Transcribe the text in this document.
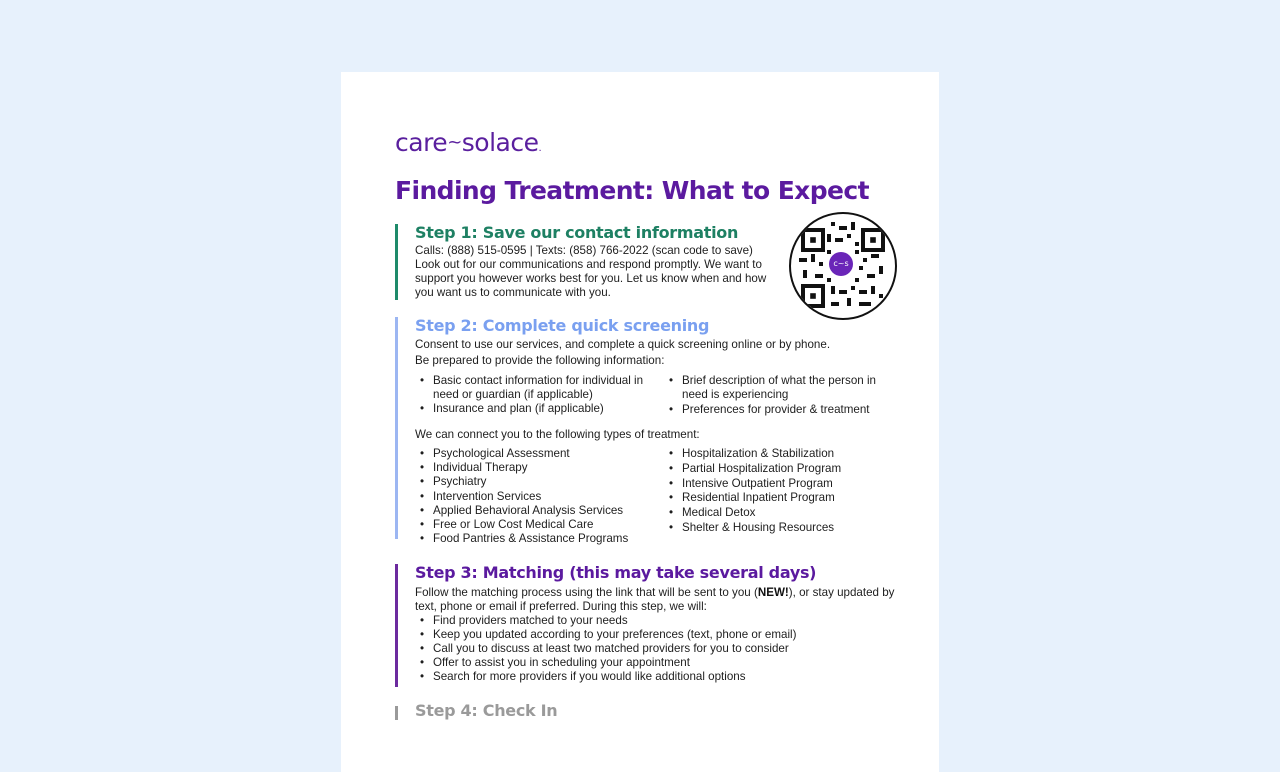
care~solace.
Finding Treatment: What to Expect
Step 1: Save our contact information

Calls: (888) 515-0595 | Texts: (858) 766-2022 (scan code to save)

Look out for our communications and respond promptly. We want to support you however works best for you. Let us know when and how you want us to communicate with you.

c~s
Step 2: Complete quick screening

Consent to use our services, and complete a quick screening online or by phone.

Be prepared to provide the following information:

• Basic contact information for individual in need or guardian (if applicable)
• Insurance and plan (if applicable)
• Brief description of what the person in need is experiencing
• Preferences for provider & treatment

We can connect you to the following types of treatment:

• Psychological Assessment
• Individual Therapy
• Psychiatry
• Intervention Services
• Applied Behavioral Analysis Services
• Free or Low Cost Medical Care
• Food Pantries & Assistance Programs
• Hospitalization & Stabilization
• Partial Hospitalization Program
• Intensive Outpatient Program
• Residential Inpatient Program
• Medical Detox
• Shelter & Housing Resources
Step 3: Matching (this may take several days)

Follow the matching process using the link that will be sent to you (NEW!), or stay updated by text, phone or email if preferred. During this step, we will:

• Find providers matched to your needs
• Keep you updated according to your preferences (text, phone or email)
• Call you to discuss at least two matched providers for you to consider
• Offer to assist you in scheduling your appointment
• Search for more providers if you would like additional options
Step 4: Check In
